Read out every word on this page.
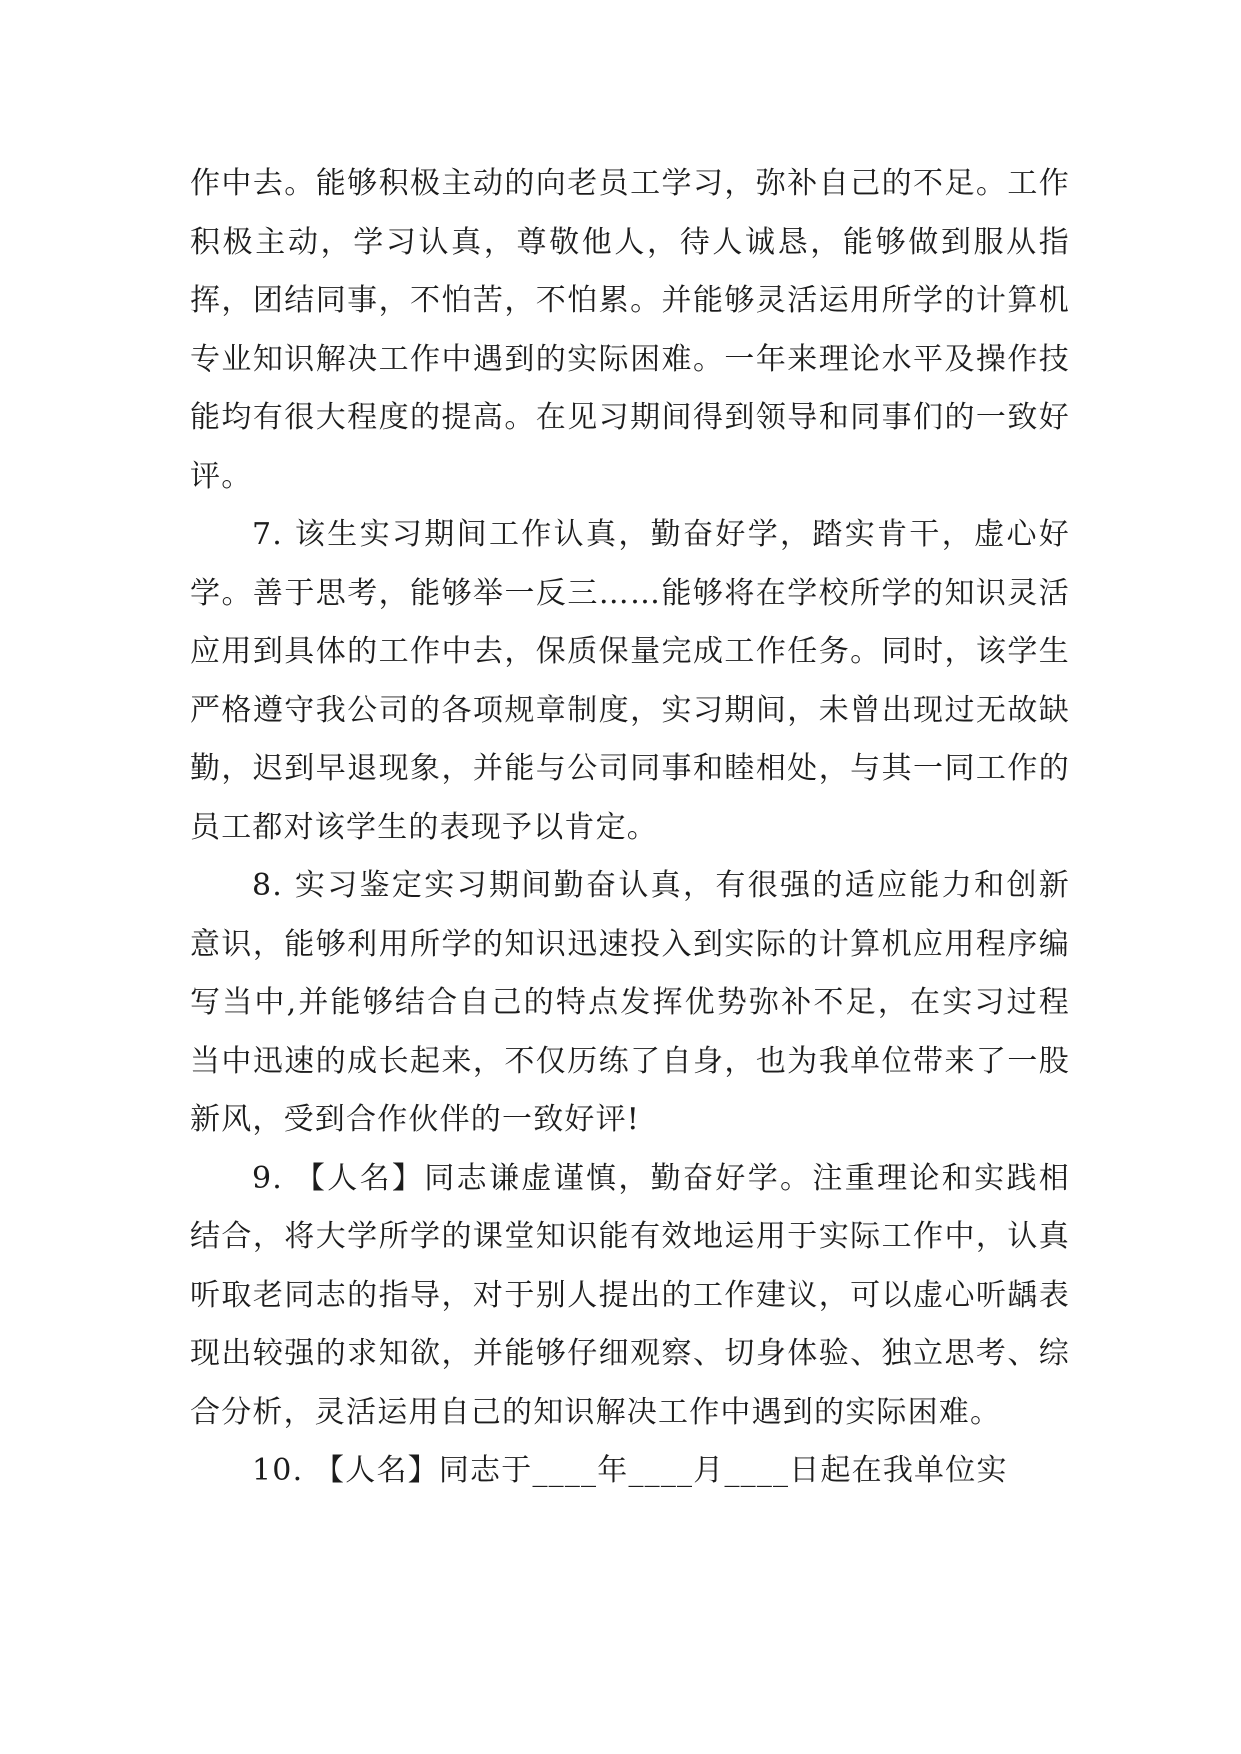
作中去。能够积极主动的向老员工学习，弥补自己的不足。工作积极主动，学习认真，尊敬他人，待人诚恳，能够做到服从指挥，团结同事，不怕苦，不怕累。并能够灵活运用所学的计算机专业知识解决工作中遇到的实际困难。一年来理论水平及操作技能均有很大程度的提高。在见习期间得到领导和同事们的一致好评。

7. 该生实习期间工作认真，勤奋好学，踏实肯干，虚心好学。善于思考，能够举一反三……能够将在学校所学的知识灵活应用到具体的工作中去，保质保量完成工作任务。同时，该学生严格遵守我公司的各项规章制度，实习期间，未曾出现过无故缺勤，迟到早退现象，并能与公司同事和睦相处，与其一同工作的员工都对该学生的表现予以肯定。

8. 实习鉴定实习期间勤奋认真，有很强的适应能力和创新意识，能够利用所学的知识迅速投入到实际的计算机应用程序编写当中,并能够结合自己的特点发挥优势弥补不足，在实习过程当中迅速的成长起来，不仅历练了自身，也为我单位带来了一股新风，受到合作伙伴的一致好评!

9. 【人名】同志谦虚谨慎，勤奋好学。注重理论和实践相结合，将大学所学的课堂知识能有效地运用于实际工作中，认真听取老同志的指导，对于别人提出的工作建议，可以虚心听龋表现出较强的求知欲，并能够仔细观察、切身体验、独立思考、综合分析，灵活运用自己的知识解决工作中遇到的实际困难。

10. 【人名】同志于____年____月____日起在我单位实
